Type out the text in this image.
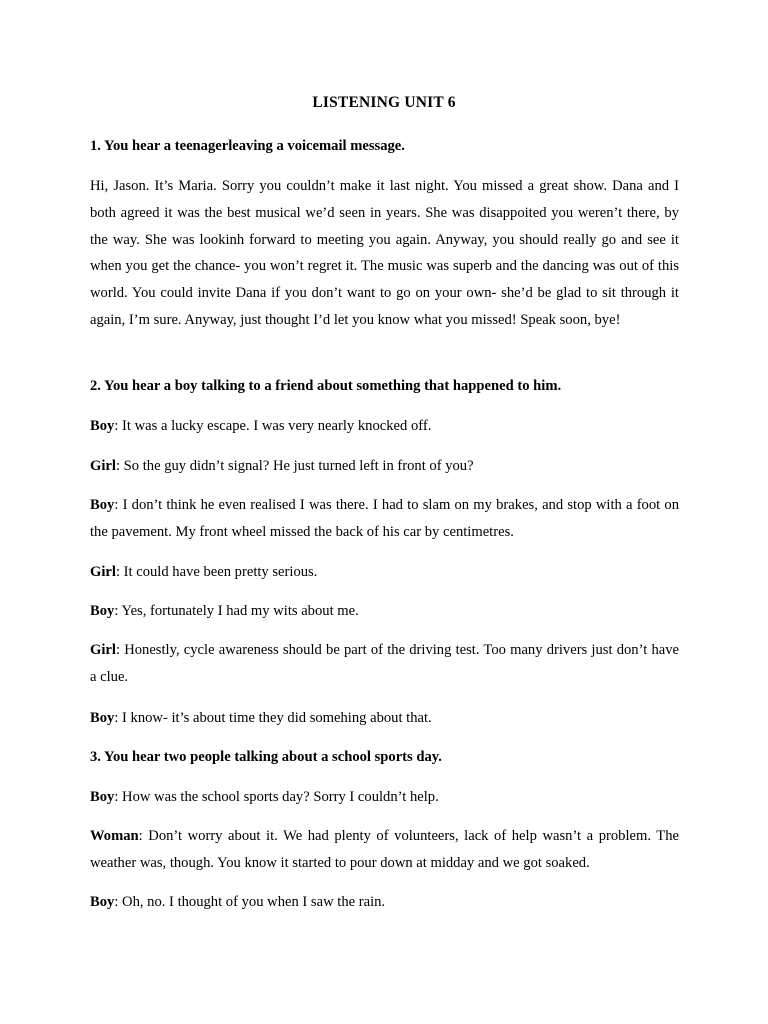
LISTENING UNIT 6
1. You hear a teenagerleaving a voicemail message.
Hi, Jason. It’s Maria. Sorry you couldn’t make it last night. You missed a great show. Dana and I both agreed it was the best musical we’d seen in years. She was disappoited you weren’t there, by the way. She was lookinh forward to meeting you again. Anyway, you should really go and see it when you get the chance- you won’t regret it. The music was superb and the dancing was out of this world. You could invite Dana if you don’t want to go on your own- she’d be glad to sit through it again, I’m sure. Anyway, just thought I’d let you know what you missed! Speak soon, bye!
2. You hear a boy talking to a friend about something that happened to him.
Boy: It was a lucky escape. I was very nearly knocked off.
Girl: So the guy didn’t signal? He just turned left in front of you?
Boy: I don’t think he even realised I was there. I had to slam on my brakes, and stop with a foot on the pavement. My front wheel missed the back of his car by centimetres.
Girl: It could have been pretty serious.
Boy: Yes, fortunately I had my wits about me.
Girl: Honestly, cycle awareness should be part of the driving test. Too many drivers just don’t have a clue.
Boy: I know- it’s about time they did somehing about that.
3. You hear two people talking about a school sports day.
Boy: How was the school sports day? Sorry I couldn’t help.
Woman: Don’t worry about it. We had plenty of volunteers, lack of help wasn’t a problem. The weather was, though. You know it started to pour down at midday and we got soaked.
Boy: Oh, no. I thought of you when I saw the rain.
